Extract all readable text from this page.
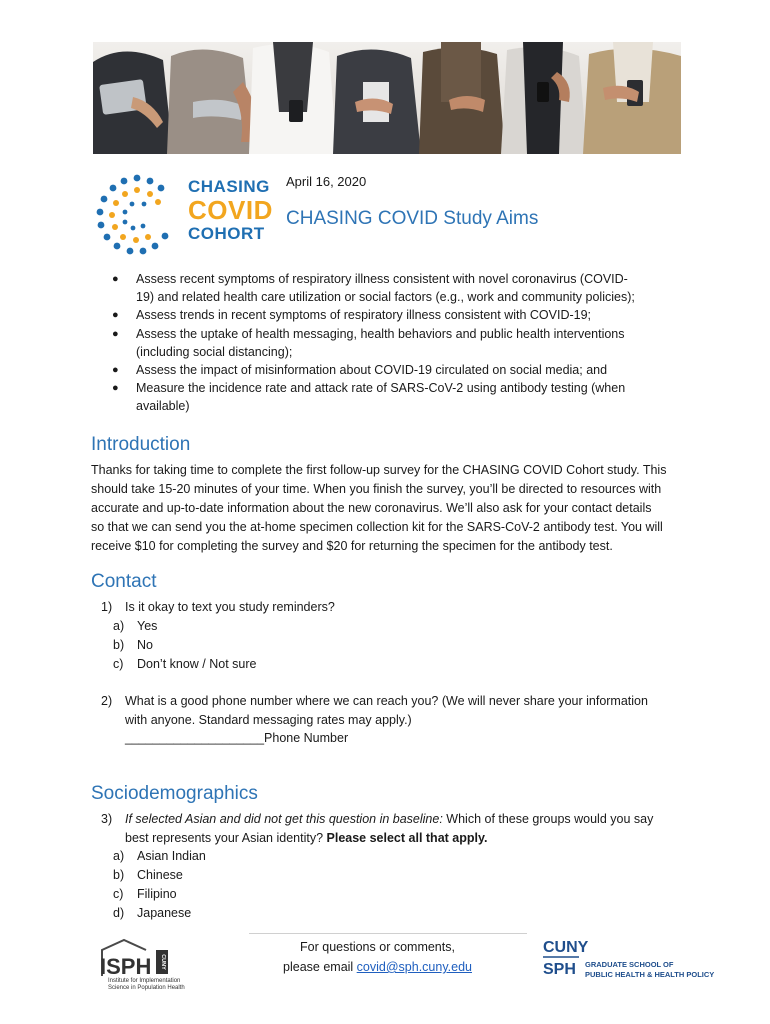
CHASING
COVID
COHORT
April 16, 2020
CHASING COVID Study Aims
● Assess recent symptoms of respiratory illness consistent with novel coronavirus (COVID-
19) and related health care utilization or social factors (e.g., work and community policies);
● Assess trends in recent symptoms of respiratory illness consistent with COVID-19;
● Assess the uptake of health messaging, health behaviors and public health interventions
(including social distancing);
● Assess the impact of misinformation about COVID-19 circulated on social media; and
● Measure the incidence rate and attack rate of SARS-CoV-2 using antibody testing (when
available)
Introduction
Thanks for taking time to complete the first follow-up survey for the CHASING COVID Cohort study. This
should take 15-20 minutes of your time. When you finish the survey, you’ll be directed to resources with
accurate and up-to-date information about the new coronavirus. We’ll also ask for your contact details
so that we can send you the at-home specimen collection kit for the SARS-CoV-2 antibody test. You will
receive $10 for completing the survey and $20 for returning the specimen for the antibody test.
Contact
1) Is it okay to text you study reminders?
a) Yes
b) No
c) Don’t know / Not sure
2) What is a good phone number where we can reach you? (We will never share your information
with anyone. Standard messaging rates may apply.)
____________________Phone Number
Sociodemographics
3) If selected Asian and did not get this question in baseline: Which of these groups would you say
best represents your Asian identity? Please select all that apply.
a) Asian Indian
b) Chinese
c) Filipino
d) Japanese
ISPH CUNY
Institute for Implementation
Science in Population Health
For questions or comments,
please email covid@sph.cuny.edu
CUNY
SPH GRADUATE SCHOOL OF
PUBLIC HEALTH & HEALTH POLICY
